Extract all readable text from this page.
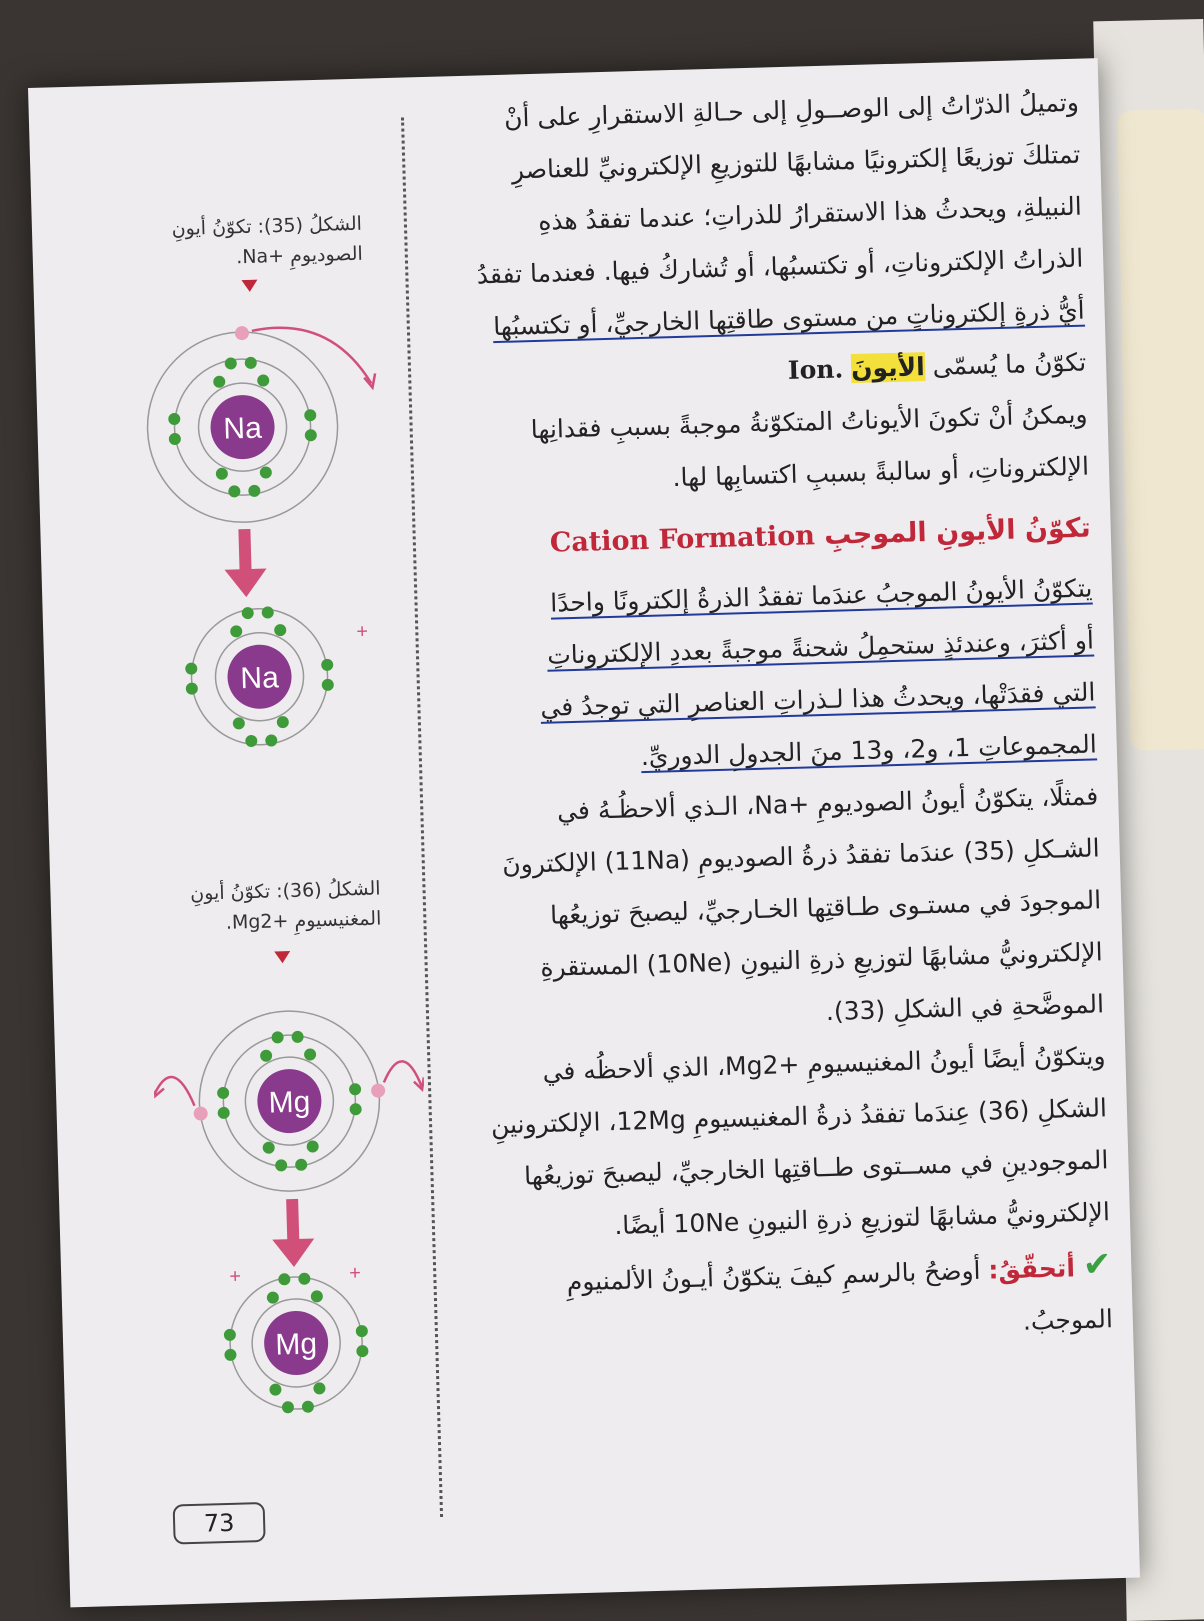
الشكلُ (35): تكوّنُ أيونِ
الصوديومِ +Na.
Na
Na
+
الشكلُ (36): تكوّنُ أيونِ
المغنيسيومِ +Mg2.
Mg
Mg
+	+
73

وتميلُ الذرّاتُ إلى الوصــولِ إلى حـالةِ الاستقرارِ على أنْ
تمتلكَ توزيعًا إلكترونيًا مشابهًا للتوزيعِ الإلكترونيِّ للعناصرِ
النبيلةِ، ويحدثُ هذا الاستقرارُ للذراتِ؛ عندما تفقدُ هذهِ
الذراتُ الإلكتروناتِ، أو تكتسبُها، أو تُشاركُ فيها. فعندما تفقدُ
أيُّ ذرةٍ إلكتروناتٍ من مستوى طاقتِها الخارجيِّ، أو تكتسبُها
تكوّنُ ما يُسمّى الأيونَ Ion.

ويمكنُ أنْ تكونَ الأيوناتُ المتكوّنةُ موجبةً بسببِ فقدانِها
الإلكتروناتِ، أو سالبةً بسببِ اكتسابِها لها.

تكوّنُ الأيونِ الموجبِ Cation Formation

يتكوّنُ الأيونُ الموجبُ عندَما تفقدُ الذرةُ إلكترونًا واحدًا
أو أكثرَ، وعندئذٍ ستحمِلُ شحنةً موجبةً بعددِ الإلكتروناتِ
التي فقدَتْها، ويحدثُ هذا لـذراتِ العناصرِ التي توجدُ في
المجموعاتِ 1، و2، و13 منَ الجدولِ الدوريِّ.

فمثلًا، يتكوّنُ أيونُ الصوديومِ +Na، الـذي ألاحظُـهُ في
الشـكلِ (35) عندَما تفقدُ ذرةُ الصوديومِ (11Na) الإلكترونَ
الموجودَ في مستـوى طـاقتِها الخـارجيِّ، ليصبحَ توزيعُها
الإلكترونيُّ مشابهًا لتوزيعِ ذرةِ النيونِ (10Ne) المستقرةِ
الموضَّحةِ في الشكلِ (33).

ويتكوّنُ أيضًا أيونُ المغنيسيومِ +Mg2، الذي ألاحظُه في
الشكلِ (36) عِندَما تفقدُ ذرةُ المغنيسيومِ 12Mg، الإلكترونينِ
الموجودينِ في مســتوى طــاقتِها الخارجيِّ، ليصبحَ توزيعُها
الإلكترونيُّ مشابهًا لتوزيعِ ذرةِ النيونِ 10Ne أيضًا.

✔ أتحقّقُ: أوضحُ بالرسمِ كيفَ يتكوّنُ أيـونُ الألمنيومِ
الموجبُ.
